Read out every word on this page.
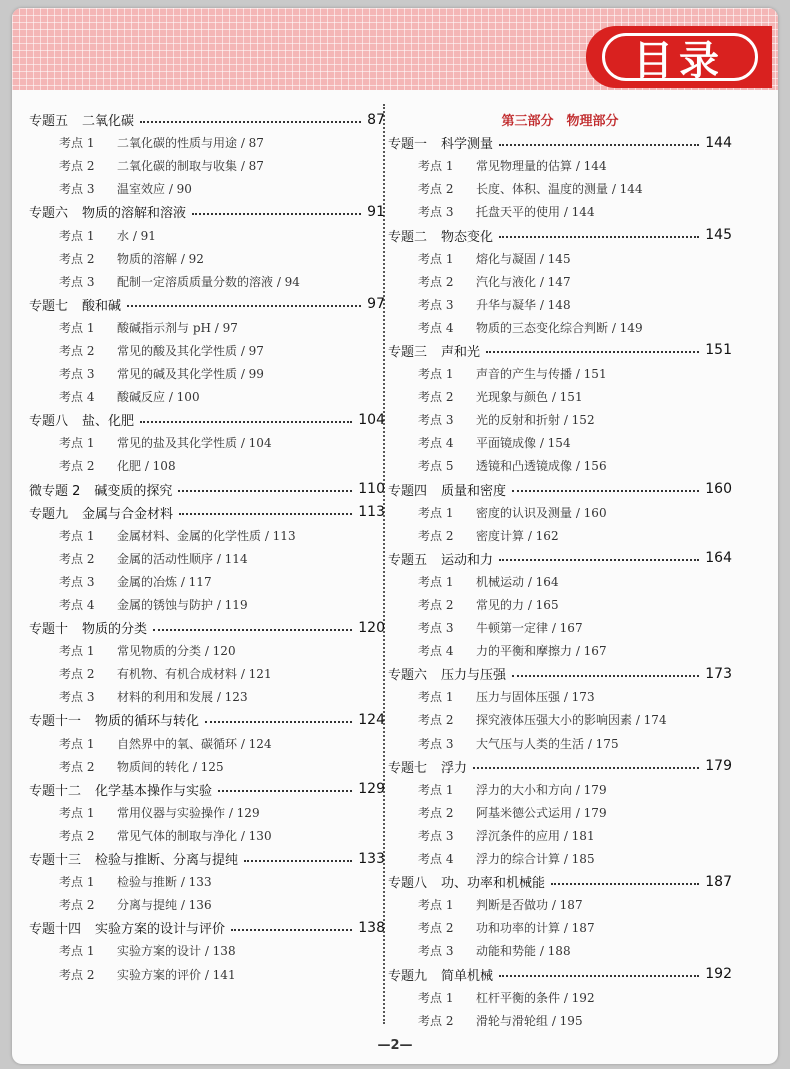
目录
专题五 二氧化碳	87
考点 1	二氧化碳的性质与用途 / 87
考点 2	二氧化碳的制取与收集 / 87
考点 3	温室效应 / 90
专题六 物质的溶解和溶液	91
考点 1	水 / 91
考点 2	物质的溶解 / 92
考点 3	配制一定溶质质量分数的溶液 / 94
专题七 酸和碱	97
考点 1	酸碱指示剂与 pH / 97
考点 2	常见的酸及其化学性质 / 97
考点 3	常见的碱及其化学性质 / 99
考点 4	酸碱反应 / 100
专题八 盐、化肥	104
考点 1	常见的盐及其化学性质 / 104
考点 2	化肥 / 108
微专题 2 碱变质的探究	110
专题九 金属与合金材料	113
考点 1	金属材料、金属的化学性质 / 113
考点 2	金属的活动性顺序 / 114
考点 3	金属的冶炼 / 117
考点 4	金属的锈蚀与防护 / 119
专题十 物质的分类	120
考点 1	常见物质的分类 / 120
考点 2	有机物、有机合成材料 / 121
考点 3	材料的利用和发展 / 123
专题十一 物质的循环与转化	124
考点 1	自然界中的氧、碳循环 / 124
考点 2	物质间的转化 / 125
专题十二 化学基本操作与实验	129
考点 1	常用仪器与实验操作 / 129
考点 2	常见气体的制取与净化 / 130
专题十三 检验与推断、分离与提纯	133
考点 1	检验与推断 / 133
考点 2	分离与提纯 / 136
专题十四 实验方案的设计与评价	138
考点 1	实验方案的设计 / 138
考点 2	实验方案的评价 / 141
第三部分　物理部分
专题一 科学测量	144
考点 1	常见物理量的估算 / 144
考点 2	长度、体积、温度的测量 / 144
考点 3	托盘天平的使用 / 144
专题二 物态变化	145
考点 1	熔化与凝固 / 145
考点 2	汽化与液化 / 147
考点 3	升华与凝华 / 148
考点 4	物质的三态变化综合判断 / 149
专题三 声和光	151
考点 1	声音的产生与传播 / 151
考点 2	光现象与颜色 / 151
考点 3	光的反射和折射 / 152
考点 4	平面镜成像 / 154
考点 5	透镜和凸透镜成像 / 156
专题四 质量和密度	160
考点 1	密度的认识及测量 / 160
考点 2	密度计算 / 162
专题五 运动和力	164
考点 1	机械运动 / 164
考点 2	常见的力 / 165
考点 3	牛顿第一定律 / 167
考点 4	力的平衡和摩擦力 / 167
专题六 压力与压强	173
考点 1	压力与固体压强 / 173
考点 2	探究液体压强大小的影响因素 / 174
考点 3	大气压与人类的生活 / 175
专题七 浮力	179
考点 1	浮力的大小和方向 / 179
考点 2	阿基米德公式运用 / 179
考点 3	浮沉条件的应用 / 181
考点 4	浮力的综合计算 / 185
专题八 功、功率和机械能	187
考点 1	判断是否做功 / 187
考点 2	功和功率的计算 / 187
考点 3	动能和势能 / 188
专题九 简单机械	192
考点 1	杠杆平衡的条件 / 192
考点 2	滑轮与滑轮组 / 195
—2—
